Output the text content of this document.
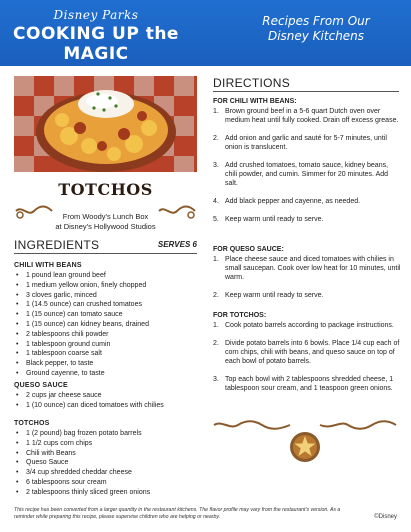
Disney Parks
COOKING UP the MAGIC
Recipes From Our
Disney Kitchens
TOTCHOS
From Woody's Lunch Box
at Disney's Hollywood Studios
INGREDIENTS	SERVES 6
CHILI WITH BEANS
• 1 pound lean ground beef
• 1 medium yellow onion, finely chopped
• 3 cloves garlic, minced
• 1 (14.5 ounce) can crushed tomatoes
• 1 (15 ounce) can tomato sauce
• 1 (15 ounce) can kidney beans, drained
• 2 tablespoons chili powder
• 1 tablespoon ground cumin
• 1 tablespoon coarse salt
• Black pepper, to taste
• Ground cayenne, to taste
QUESO SAUCE
• 2 cups jar cheese sauce
• 1 (10 ounce) can diced tomatoes with chilies
TOTCHOS
• 1 (2 pound) bag frozen potato barrels
• 1 1/2 cups corn chips
• Chili with Beans
• Queso Sauce
• 3/4 cup shredded cheddar cheese
• 6 tablespoons sour cream
• 2 tablespoons thinly sliced green onions
DIRECTIONS
FOR CHILI WITH BEANS:
1. Brown ground beef in a 5-6 quart Dutch oven over medium heat until fully cooked. Drain off excess grease.
2. Add onion and garlic and sauté for 5-7 minutes, until onion is translucent.
3. Add crushed tomatoes, tomato sauce, kidney beans, chili powder, and cumin. Simmer for 20 minutes. Add salt.
4. Add black pepper and cayenne, as needed.
5. Keep warm until ready to serve.
FOR QUESO SAUCE:
1. Place cheese sauce and diced tomatoes with chilies in small saucepan. Cook over low heat for 10 minutes, until warm.
2. Keep warm until ready to serve.
FOR TOTCHOS:
1. Cook potato barrels according to package instructions.
2. Divide potato barrels into 6 bowls. Place 1/4 cup each of corn chips, chili with beans, and queso sauce on top of each bowl of potato barrels.
3. Top each bowl with 2 tablespoons shredded cheese, 1 tablespoon sour cream, and 1 teaspoon green onions.
This recipe has been converted from a larger quantity in the restaurant kitchens. The flavor profile may vary from the restaurant's version. As a reminder while preparing this recipe, please supervise children who are helping or nearby.	©Disney
